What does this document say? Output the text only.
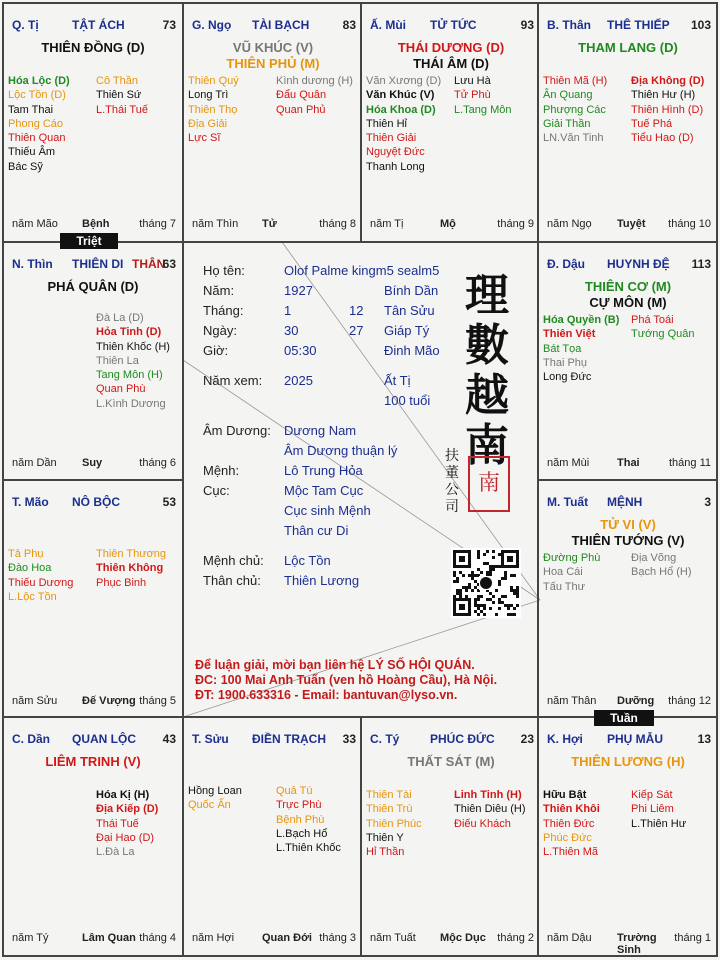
Q. Tị	TẬT ÁCH	73
THIÊN ĐỒNG (D)
Hóa Lộc (D)
Lộc Tồn (D)
Tam Thai
Phong Cáo
Thiên Quan
Thiếu Âm
Bác Sỹ
Cô Thần
Thiên Sứ
L.Thái Tuế
năm Mão Bệnh	tháng 7
G. Ngọ TÀI BẠCH	83
VŨ KHÚC (V)
THIÊN PHỦ (M)
Thiên Quý
Long Trì
Thiên Thọ
Địa Giải
Lực Sĩ
Kình dương (H)
Đẩu Quân
Quan Phủ
năm Thìn Tử	tháng 8
Ấ. Mùi TỬ TỨC	93
THÁI DƯƠNG (D)
THÁI ÂM (D)
Văn Xương (D)
Văn Khúc (V)
Hóa Khoa (D)
Thiên Hỉ
Thiên Giải
Nguyệt Đức
Thanh Long
Lưu Hà
Tử Phù
L.Tang Môn
năm Tị	Mộ	tháng 9
B. Thân THÊ THIẾP 103
THAM LANG (D)
Thiên Mã (H)
Ân Quang
Phượng Các
Giải Thần
LN.Văn Tinh
Địa Không (D)
Thiên Hư (H)
Thiên Hình (D)
Tuế Phá
Tiểu Hao (D)
năm Ngọ Tuyệt	tháng 10
N. Thìn THIÊN DI THÂN
63
PHÁ QUÂN (D)
Đà La (D)
Hỏa Tinh (D)
Thiên Khốc (H)
Thiên La
Tang Môn (H)
Quan Phù
L.Kình Dương
năm Dần Suy	tháng 6
Đ. Dậu HUYNH ĐỆ 113
THIÊN CƠ (M)
CỰ MÔN (M)
Hóa Quyền (B)
Thiên Việt
Bát Tọa
Thai Phụ
Long Đức
Phá Toái
Tướng Quân
năm Mùi	Thai	tháng 11
T. Mão NÔ BỘC	53
Tả Phụ
Đào Hoa
Thiếu Dương
L.Lộc Tồn
Thiên Thương
Thiên Không
Phục Binh
năm Sửu Đế Vượng tháng 5
M. Tuất MỆNH	3
TỬ VI (V)
THIÊN TƯỚNG (V)
Đường Phù
Hoa Cái
Tấu Thư
Địa Võng
Bạch Hổ (H)
năm Thân Dưỡng	tháng 12
C. Dần QUAN LỘC 43
LIÊM TRINH (V)
Hóa Kị (H)
Địa Kiếp (D)
Thái Tuế
Đại Hao (D)
L.Đà La
năm Tý	Lâm Quan tháng 4
T. Sửu ĐIỀN TRẠCH 33
Hồng Loan
Quốc Ấn
Quả Tú
Trực Phù
Bệnh Phù
L.Bạch Hổ
L.Thiên Khốc
năm Hợi	Quan Đới tháng 3
C. Tý	PHÚC ĐỨC 23
THẤT SÁT (M)
Thiên Tài
Thiên Trù
Thiên Phúc
Thiên Y
Hỉ Thần
Linh Tinh (H)
Thiên Diêu (H)
Điếu Khách
năm Tuất Mộc Dục	tháng 2
K. Hợi PHỤ MẪU	13
THIÊN LƯƠNG (H)
Hữu Bật
Thiên Khôi
Thiên Đức
Phúc Đức
L.Thiên Mã
Kiếp Sát
Phi Liêm
L.Thiên Hư
năm Dậu Trường Sinh
tháng 1
Triệt
Tuần
Họ tên:	Olof Palme kingm5 sealm5
Năm:	1927	Bính Dần
Tháng:	1	12 Tân Sửu
Ngày:	30	27 Giáp Tý
Giờ:	05:30	Đinh Mão
Năm xem: 2025	Ất Tị
100 tuổi
Âm Dương: Dương Nam
Âm Dương thuận lý
Mệnh:	Lô Trung Hỏa
Cục:	Mộc Tam Cục
Cục sinh Mệnh
Thân cư Di
Mệnh chủ: Lộc Tồn
Thân chủ: Thiên Lương
理
數
越
南
扶
董
公
司
南
Để luận giải, mời bạn liên hệ LÝ SỐ HỘI QUÁN.
ĐC: 100 Mai Anh Tuấn (ven hồ Hoàng Cầu), Hà Nội.
ĐT: 1900.633316 - Email: bantuvan@lyso.vn.
